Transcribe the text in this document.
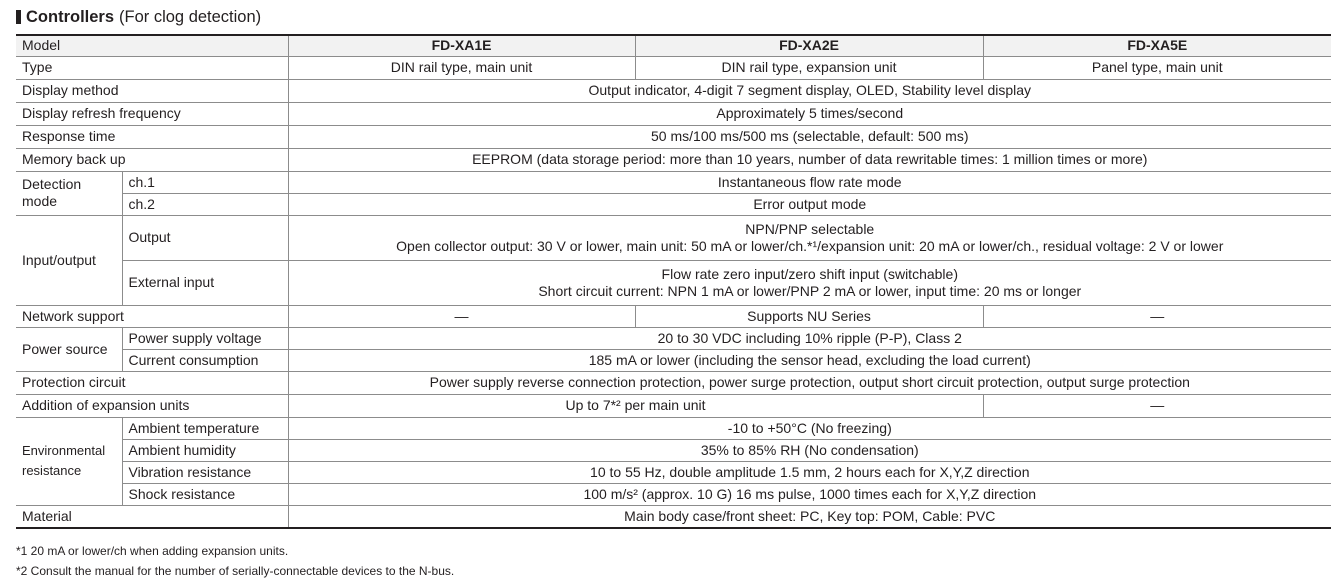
Controllers (For clog detection)
Model		FD-XA1E	FD-XA2E	FD-XA5E
Type		DIN rail type, main unit	DIN rail type, expansion unit	Panel type, main unit
Display method		Output indicator, 4-digit 7 segment display, OLED, Stability level display		
Display refresh frequency		Approximately 5 times/second		
Response time		50 ms/100 ms/500 ms (selectable, default: 500 ms)		
Memory back up		EEPROM (data storage period: more than 10 years, number of data rewritable times: 1 million times or more)		
Detection
mode	ch.1	Instantaneous flow rate mode		
	ch.2	Error output mode		
Input/output	Output	NPN/PNP selectable
Open collector output: 30 V or lower, main unit: 50 mA or lower/ch.*¹/expansion unit: 20 mA or lower/ch., residual voltage: 2 V or lower		
	External input	Flow rate zero input/zero shift input (switchable)
Short circuit current: NPN 1 mA or lower/PNP 2 mA or lower, input time: 20 ms or longer		
Network support		—	Supports NU Series	—
Power source	Power supply voltage	20 to 30 VDC including 10% ripple (P-P), Class 2		
	Current consumption	185 mA or lower (including the sensor head, excluding the load current)		
Protection circuit		Power supply reverse connection protection, power surge protection, output short circuit protection, output surge protection		
Addition of expansion units		Up to 7*² per main unit		—
Environmental
resistance	Ambient temperature	-10 to +50°C (No freezing)		
	Ambient humidity	35% to 85% RH (No condensation)		
	Vibration resistance	10 to 55 Hz, double amplitude 1.5 mm, 2 hours each for X,Y,Z direction		
	Shock resistance	100 m/s² (approx. 10 G) 16 ms pulse, 1000 times each for X,Y,Z direction		
Material		Main body case/front sheet: PC, Key top: POM, Cable: PVC		
*1 20 mA or lower/ch when adding expansion units.
*2 Consult the manual for the number of serially-connectable devices to the N-bus.
